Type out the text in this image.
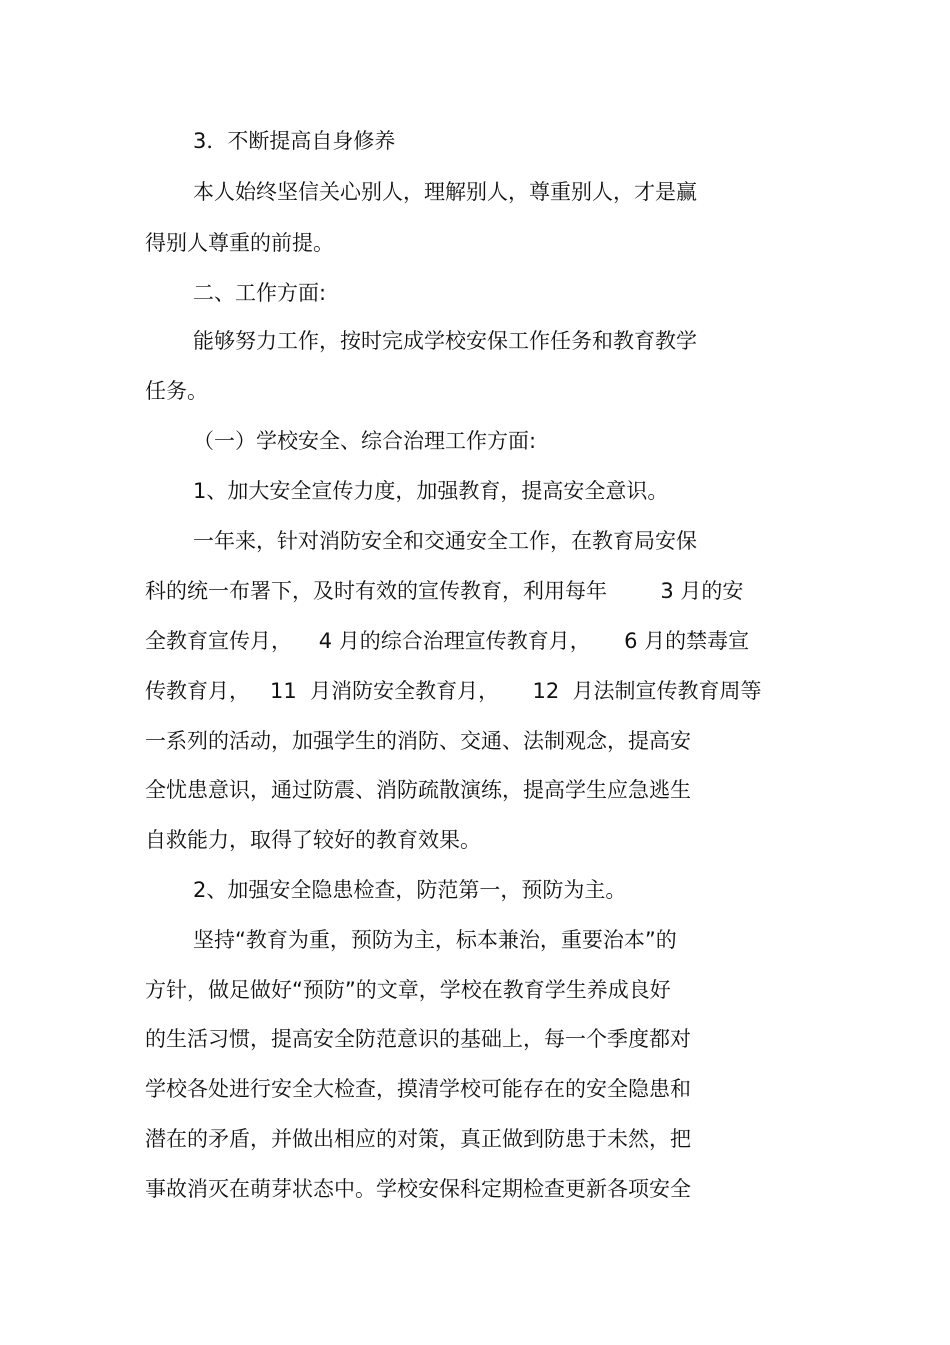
3．不断提高自身修养
本人始终坚信关心别人，理解别人，尊重别人，才是赢
得别人尊重的前提。
二、工作方面:
能够努力工作，按时完成学校安保工作任务和教育教学
任务。
（一）学校安全、综合治理工作方面:
1、加大安全宣传力度，加强教育，提高安全意识。
一年来，针对消防安全和交通安全工作，在教育局安保
科的统一布署下，及时有效的宣传教育，利用每年        3 月的安
全教育宣传月，    4 月的综合治理宣传教育月，     6 月的禁毒宣
传教育月，   11  月消防安全教育月，     12  月法制宣传教育周等
一系列的活动，加强学生的消防、交通、法制观念，提高安
全忧患意识，通过防震、消防疏散演练，提高学生应急逃生
自救能力，取得了较好的教育效果。
2、加强安全隐患检查，防范第一，预防为主。
坚持“教育为重，预防为主，标本兼治，重要治本”的
方针，做足做好“预防”的文章，学校在教育学生养成良好
的生活习惯，提高安全防范意识的基础上，每一个季度都对
学校各处进行安全大检查，摸清学校可能存在的安全隐患和
潜在的矛盾，并做出相应的对策，真正做到防患于未然，把
事故消灭在萌芽状态中。学校安保科定期检查更新各项安全
